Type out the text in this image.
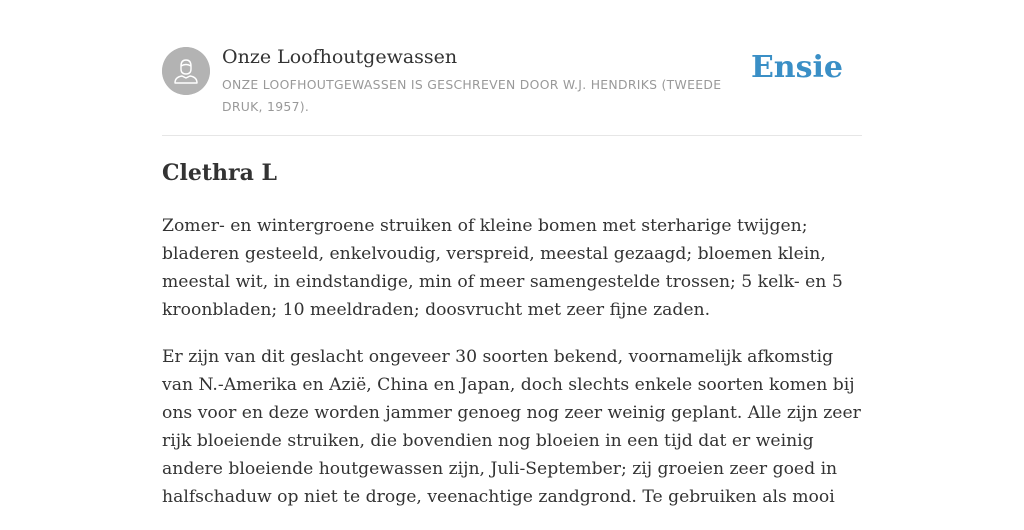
Onze Loofhoutgewassen
ONZE LOOFHOUTGEWASSEN IS GESCHREVEN DOOR W.J. HENDRIKS (TWEEDE DRUK, 1957).
Ensie
Clethra L

Zomer- en wintergroene struiken of kleine bomen met sterharige twijgen; bladeren gesteeld, enkelvoudig, verspreid, meestal gezaagd; bloemen klein, meestal wit, in eindstandige, min of meer samengestelde trossen; 5 kelk- en 5 kroonbladen; 10 meeldraden; doosvrucht met zeer fijne zaden.

Er zijn van dit geslacht ongeveer 30 soorten bekend, voornamelijk afkomstig van N.-Amerika en Azië, China en Japan, doch slechts enkele soorten komen bij ons voor en deze worden jammer genoeg nog zeer weinig geplant. Alle zijn zeer rijk bloeiende struiken, die bovendien nog bloeien in een tijd dat er weinig andere bloeiende houtgewassen zijn, Juli-September; zij groeien zeer goed in halfschaduw op niet te droge, veenachtige zandgrond. Te gebruiken als mooi
